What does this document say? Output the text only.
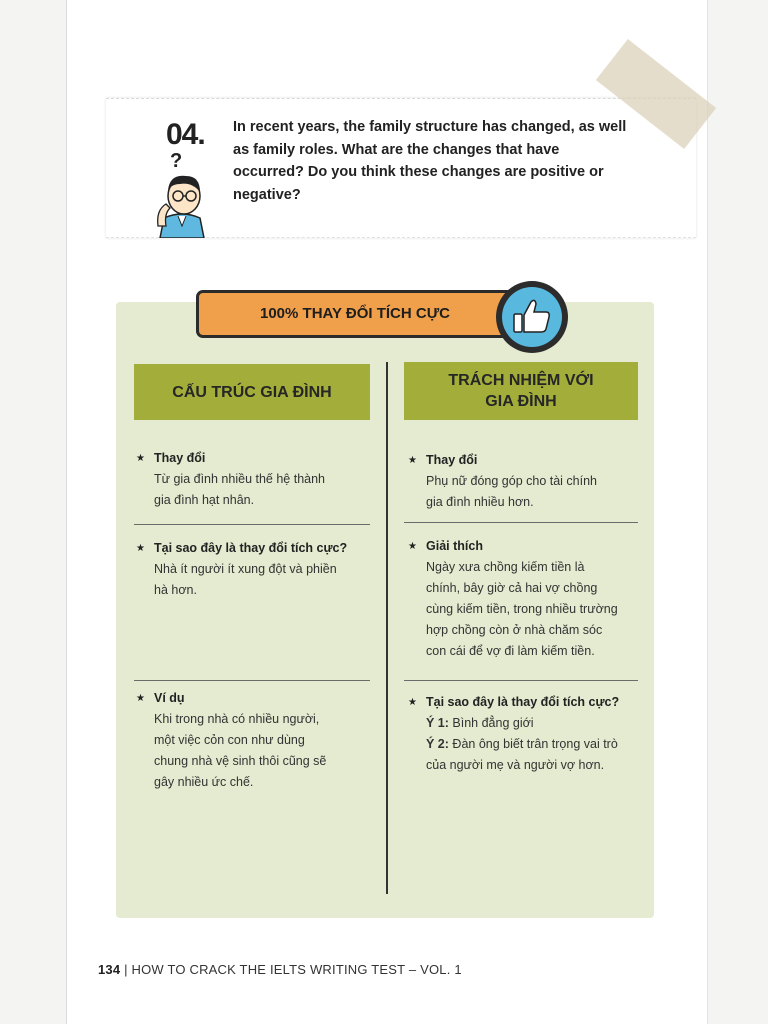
04.
?
In recent years, the family structure has changed, as well as family roles. What are the changes that have occurred? Do you think these changes are positive or negative?
100% THAY ĐỔI TÍCH CỰC
CẤU TRÚC GIA ĐÌNH
TRÁCH NHIỆM VỚI
GIA ĐÌNH
★ Thay đổi
Từ gia đình nhiều thế hệ thành
gia đình hạt nhân.
★ Tại sao đây là thay đổi tích cực?
Nhà ít người ít xung đột và phiền
hà hơn.
★ Ví dụ
Khi trong nhà có nhiều người,
một việc cỏn con như dùng
chung nhà vệ sinh thôi cũng sẽ
gây nhiều ức chế.
★ Thay đổi
Phụ nữ đóng góp cho tài chính
gia đình nhiều hơn.
★ Giải thích
Ngày xưa chồng kiếm tiền là
chính, bây giờ cả hai vợ chồng
cùng kiếm tiền, trong nhiều trường
hợp chồng còn ở nhà chăm sóc
con cái để vợ đi làm kiếm tiền.
★ Tại sao đây là thay đổi tích cực?
Ý 1: Bình đẳng giới
Ý 2: Đàn ông biết trân trọng vai trò
của người mẹ và người vợ hơn.
134 | HOW TO CRACK THE IELTS WRITING TEST – VOL. 1
